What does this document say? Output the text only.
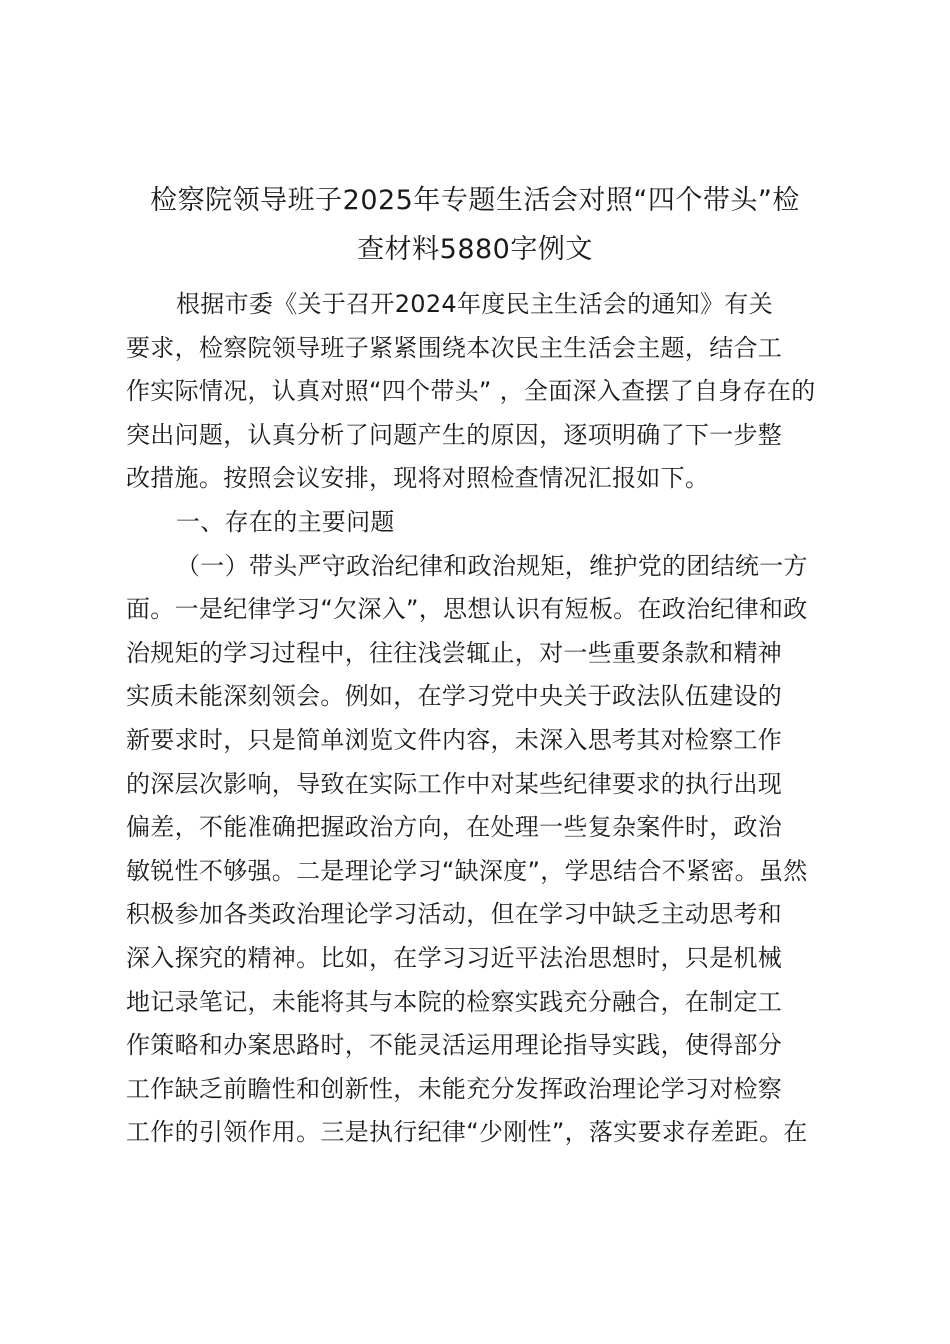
检察院领导班子2025年专题生活会对照“四个带头”检
查材料5880字例文
根据市委《关于召开2024年度民主生活会的通知》有关
要求，检察院领导班子紧紧围绕本次民主生活会主题，结合工
作实际情况，认真对照“四个带头” ，全面深入查摆了自身存在的
突出问题，认真分析了问题产生的原因，逐项明确了下一步整
改措施。按照会议安排，现将对照检查情况汇报如下。
一、存在的主要问题
（一）带头严守政治纪律和政治规矩，维护党的团结统一方
面。一是纪律学习“欠深入”，思想认识有短板。在政治纪律和政
治规矩的学习过程中，往往浅尝辄止，对一些重要条款和精神
实质未能深刻领会。例如，在学习党中央关于政法队伍建设的
新要求时，只是简单浏览文件内容，未深入思考其对检察工作
的深层次影响，导致在实际工作中对某些纪律要求的执行出现
偏差，不能准确把握政治方向，在处理一些复杂案件时，政治
敏锐性不够强。二是理论学习“缺深度”，学思结合不紧密。虽然
积极参加各类政治理论学习活动，但在学习中缺乏主动思考和
深入探究的精神。比如，在学习习近平法治思想时，只是机械
地记录笔记，未能将其与本院的检察实践充分融合，在制定工
作策略和办案思路时，不能灵活运用理论指导实践，使得部分
工作缺乏前瞻性和创新性，未能充分发挥政治理论学习对检察
工作的引领作用。三是执行纪律“少刚性”，落实要求存差距。在
